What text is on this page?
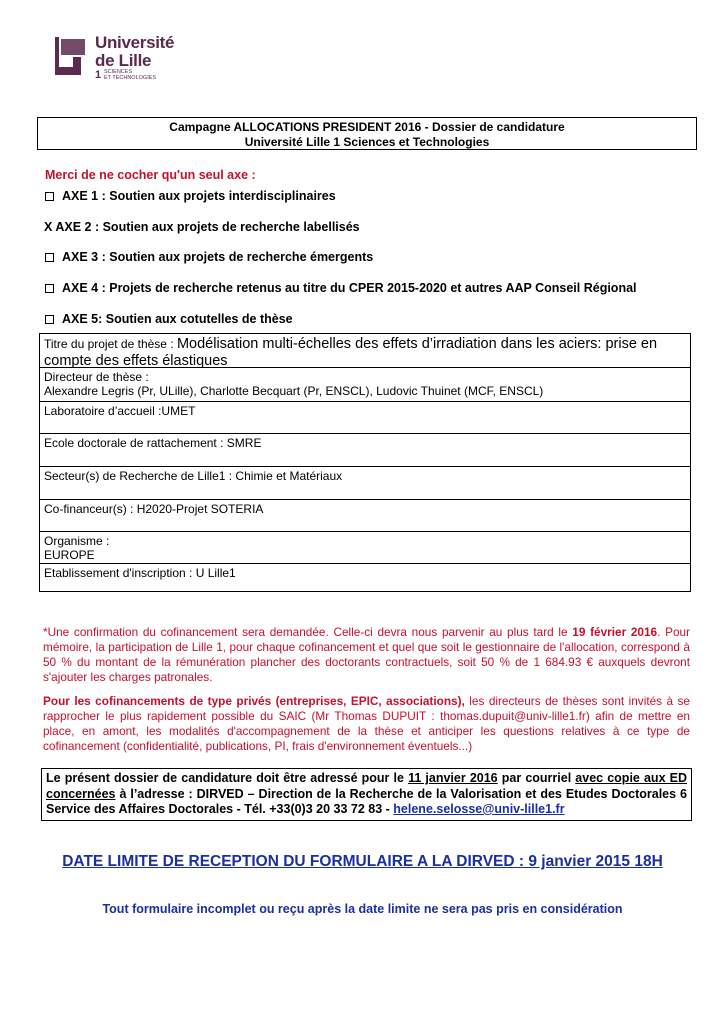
Université
de Lille
1 SCIENCES
ET TECHNOLOGIES
Campagne ALLOCATIONS PRESIDENT 2016 - Dossier de candidature
Université Lille 1 Sciences et Technologies
Merci de ne cocher qu'un seul axe :
AXE 1 : Soutien aux projets interdisciplinaires
X AXE 2 : Soutien aux projets de recherche labellisés
AXE 3 : Soutien aux projets de recherche émergents
AXE 4 : Projets de recherche retenus au titre du CPER 2015-2020 et autres AAP Conseil Régional
AXE 5: Soutien aux cotutelles de thèse
Titre du projet de thèse : Modélisation multi-échelles des effets d’irradiation dans les aciers: prise en compte des effets élastiques
Directeur de thèse :
Alexandre Legris (Pr, ULille), Charlotte Becquart (Pr, ENSCL), Ludovic Thuinet (MCF, ENSCL)
Laboratoire d’accueil :UMET
Ecole doctorale de rattachement : SMRE
Secteur(s) de Recherche de Lille1 : Chimie et Matériaux
Co-financeur(s) : H2020-Projet SOTERIA
Organisme :
EUROPE
Etablissement d'inscription : U Lille1
*Une confirmation du cofinancement sera demandée. Celle-ci devra nous parvenir au plus tard le 19 février 2016. Pour mémoire, la participation de Lille 1, pour chaque cofinancement et quel que soit le gestionnaire de l'allocation, correspond à 50 % du montant de la rémunération plancher des doctorants contractuels, soit 50 % de 1 684.93 € auxquels devront s'ajouter les charges patronales.
Pour les cofinancements de type privés (entreprises, EPIC, associations), les directeurs de thèses sont invités à se rapprocher le plus rapidement possible du SAIC (Mr Thomas DUPUIT : thomas.dupuit@univ-lille1.fr) afin de mettre en place, en amont, les modalités d'accompagnement de la thèse et anticiper les questions relatives à ce type de cofinancement (confidentialité, publications, PI, frais d'environnement éventuels...)
Le présent dossier de candidature doit être adressé pour le 11 janvier 2016 par courriel avec copie aux ED concernées à l’adresse : DIRVED – Direction de la Recherche de la Valorisation et des Etudes Doctorales 6 Service des Affaires Doctorales - Tél. +33(0)3 20 33 72 83 - helene.selosse@univ-lille1.fr
DATE LIMITE DE RECEPTION DU FORMULAIRE A LA DIRVED : 9 janvier 2015 18H
Tout formulaire incomplet ou reçu après la date limite ne sera pas pris en considération
